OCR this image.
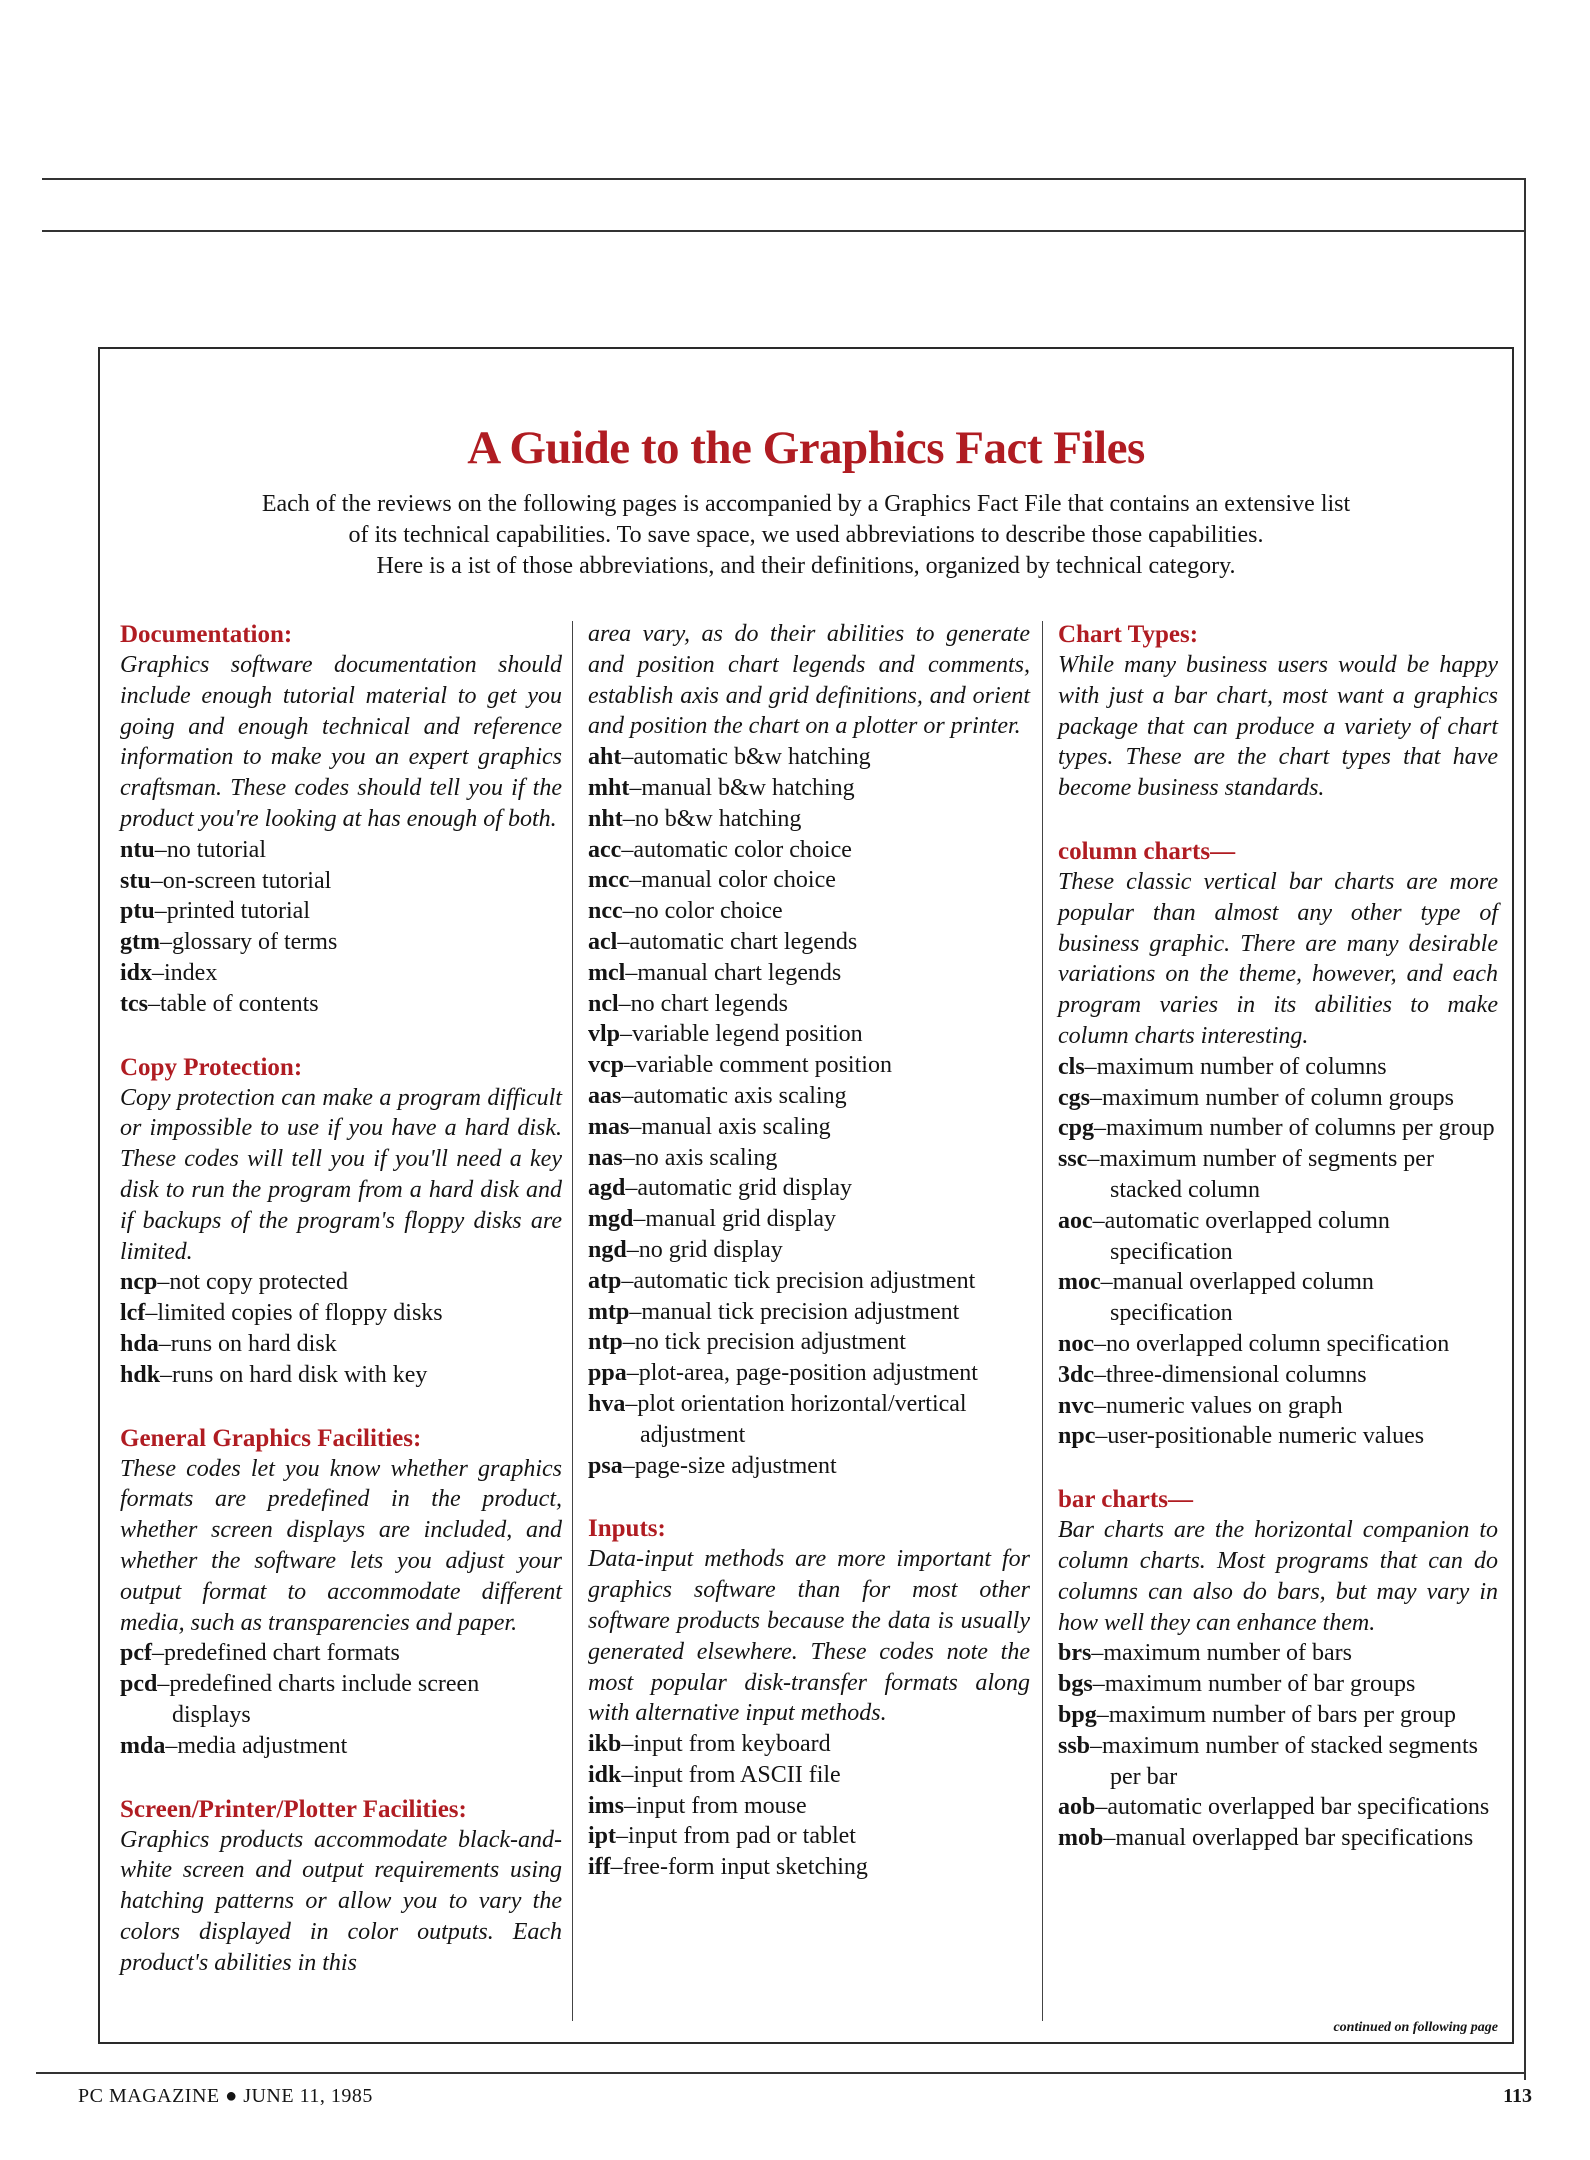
A Guide to the Graphics Fact Files
Each of the reviews on the following pages is accompanied by a Graphics Fact File that contains an extensive list
of its technical capabilities. To save space, we used abbreviations to describe those capabilities.
Here is a ist of those abbreviations, and their definitions, organized by technical category.
Documentation:
Graphics software documentation should include enough tutorial material to get you going and enough technical and reference information to make you an expert graphics craftsman. These codes should tell you if the product you're looking at has enough of both.
ntu–no tutorial
stu–on-screen tutorial
ptu–printed tutorial
gtm–glossary of terms
idx–index
tcs–table of contents
Copy Protection:
Copy protection can make a program difficult or impossible to use if you have a hard disk. These codes will tell you if you'll need a key disk to run the program from a hard disk and if backups of the program's floppy disks are limited.
ncp–not copy protected
lcf–limited copies of floppy disks
hda–runs on hard disk
hdk–runs on hard disk with key
General Graphics Facilities:
These codes let you know whether graphics formats are predefined in the product, whether screen displays are included, and whether the software lets you adjust your output format to accommodate different media, such as transparencies and paper.
pcf–predefined chart formats
pcd–predefined charts include screen displays
mda–media adjustment
Screen/Printer/Plotter Facilities:
Graphics products accommodate black-and-white screen and output requirements using hatching patterns or allow you to vary the colors displayed in color outputs. Each product's abilities in this
area vary, as do their abilities to generate and position chart legends and comments, establish axis and grid definitions, and orient and position the chart on a plotter or printer.
aht–automatic b&w hatching
mht–manual b&w hatching
nht–no b&w hatching
acc–automatic color choice
mcc–manual color choice
ncc–no color choice
acl–automatic chart legends
mcl–manual chart legends
ncl–no chart legends
vlp–variable legend position
vcp–variable comment position
aas–automatic axis scaling
mas–manual axis scaling
nas–no axis scaling
agd–automatic grid display
mgd–manual grid display
ngd–no grid display
atp–automatic tick precision adjustment
mtp–manual tick precision adjustment
ntp–no tick precision adjustment
ppa–plot-area, page-position adjustment
hva–plot orientation horizontal/vertical adjustment
psa–page-size adjustment
Inputs:
Data-input methods are more important for graphics software than for most other software products because the data is usually generated elsewhere. These codes note the most popular disk-transfer formats along with alternative input methods.
ikb–input from keyboard
idk–input from ASCII file
ims–input from mouse
ipt–input from pad or tablet
iff–free-form input sketching
Chart Types:
While many business users would be happy with just a bar chart, most want a graphics package that can produce a variety of chart types. These are the chart types that have become business standards.
column charts—
These classic vertical bar charts are more popular than almost any other type of business graphic. There are many desirable variations on the theme, however, and each program varies in its abilities to make column charts interesting.
cls–maximum number of columns
cgs–maximum number of column groups
cpg–maximum number of columns per group
ssc–maximum number of segments per stacked column
aoc–automatic overlapped column specification
moc–manual overlapped column specification
noc–no overlapped column specification
3dc–three-dimensional columns
nvc–numeric values on graph
npc–user-positionable numeric values
bar charts—
Bar charts are the horizontal companion to column charts. Most programs that can do columns can also do bars, but may vary in how well they can enhance them.
brs–maximum number of bars
bgs–maximum number of bar groups
bpg–maximum number of bars per group
ssb–maximum number of stacked segments per bar
aob–automatic overlapped bar specifications
mob–manual overlapped bar specifications
continued on following page
PC MAGAZINE ● JUNE 11, 1985	113
